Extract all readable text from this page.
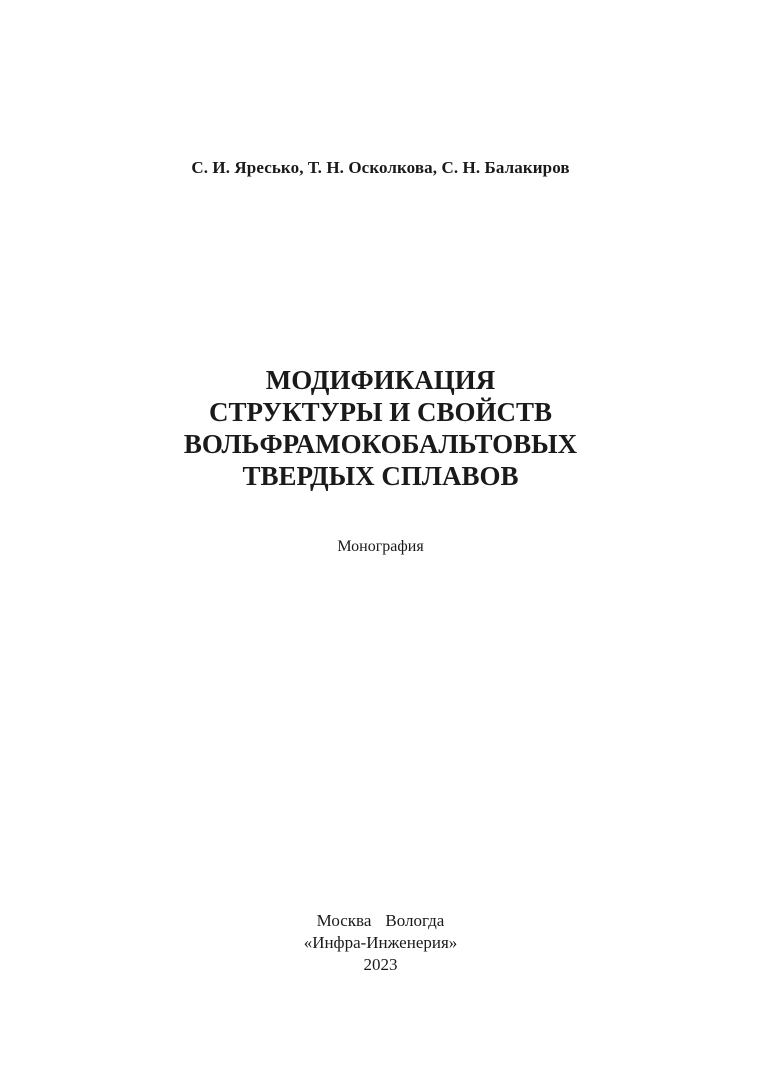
С. И. Яресько, Т. Н. Осколкова, С. Н. Балакиров
МОДИФИКАЦИЯ
СТРУКТУРЫ И СВОЙСТВ
ВОЛЬФРАМОКОБАЛЬТОВЫХ
ТВЕРДЫХ СПЛАВОВ
Монография
Москва Вологда
«Инфра-Инженерия»
2023
